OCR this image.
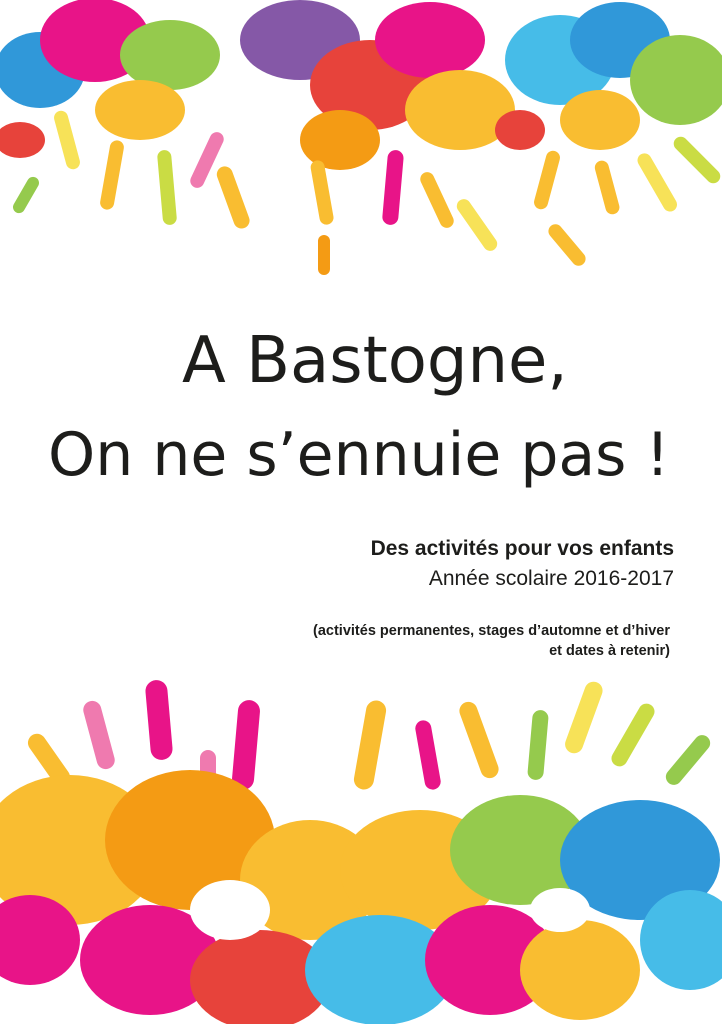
A Bastogne,
On ne s’ennuie pas !

Des activités pour vos enfants

Année scolaire 2016-2017

(activités permanentes, stages d’automne et d’hiver
et dates à retenir)
